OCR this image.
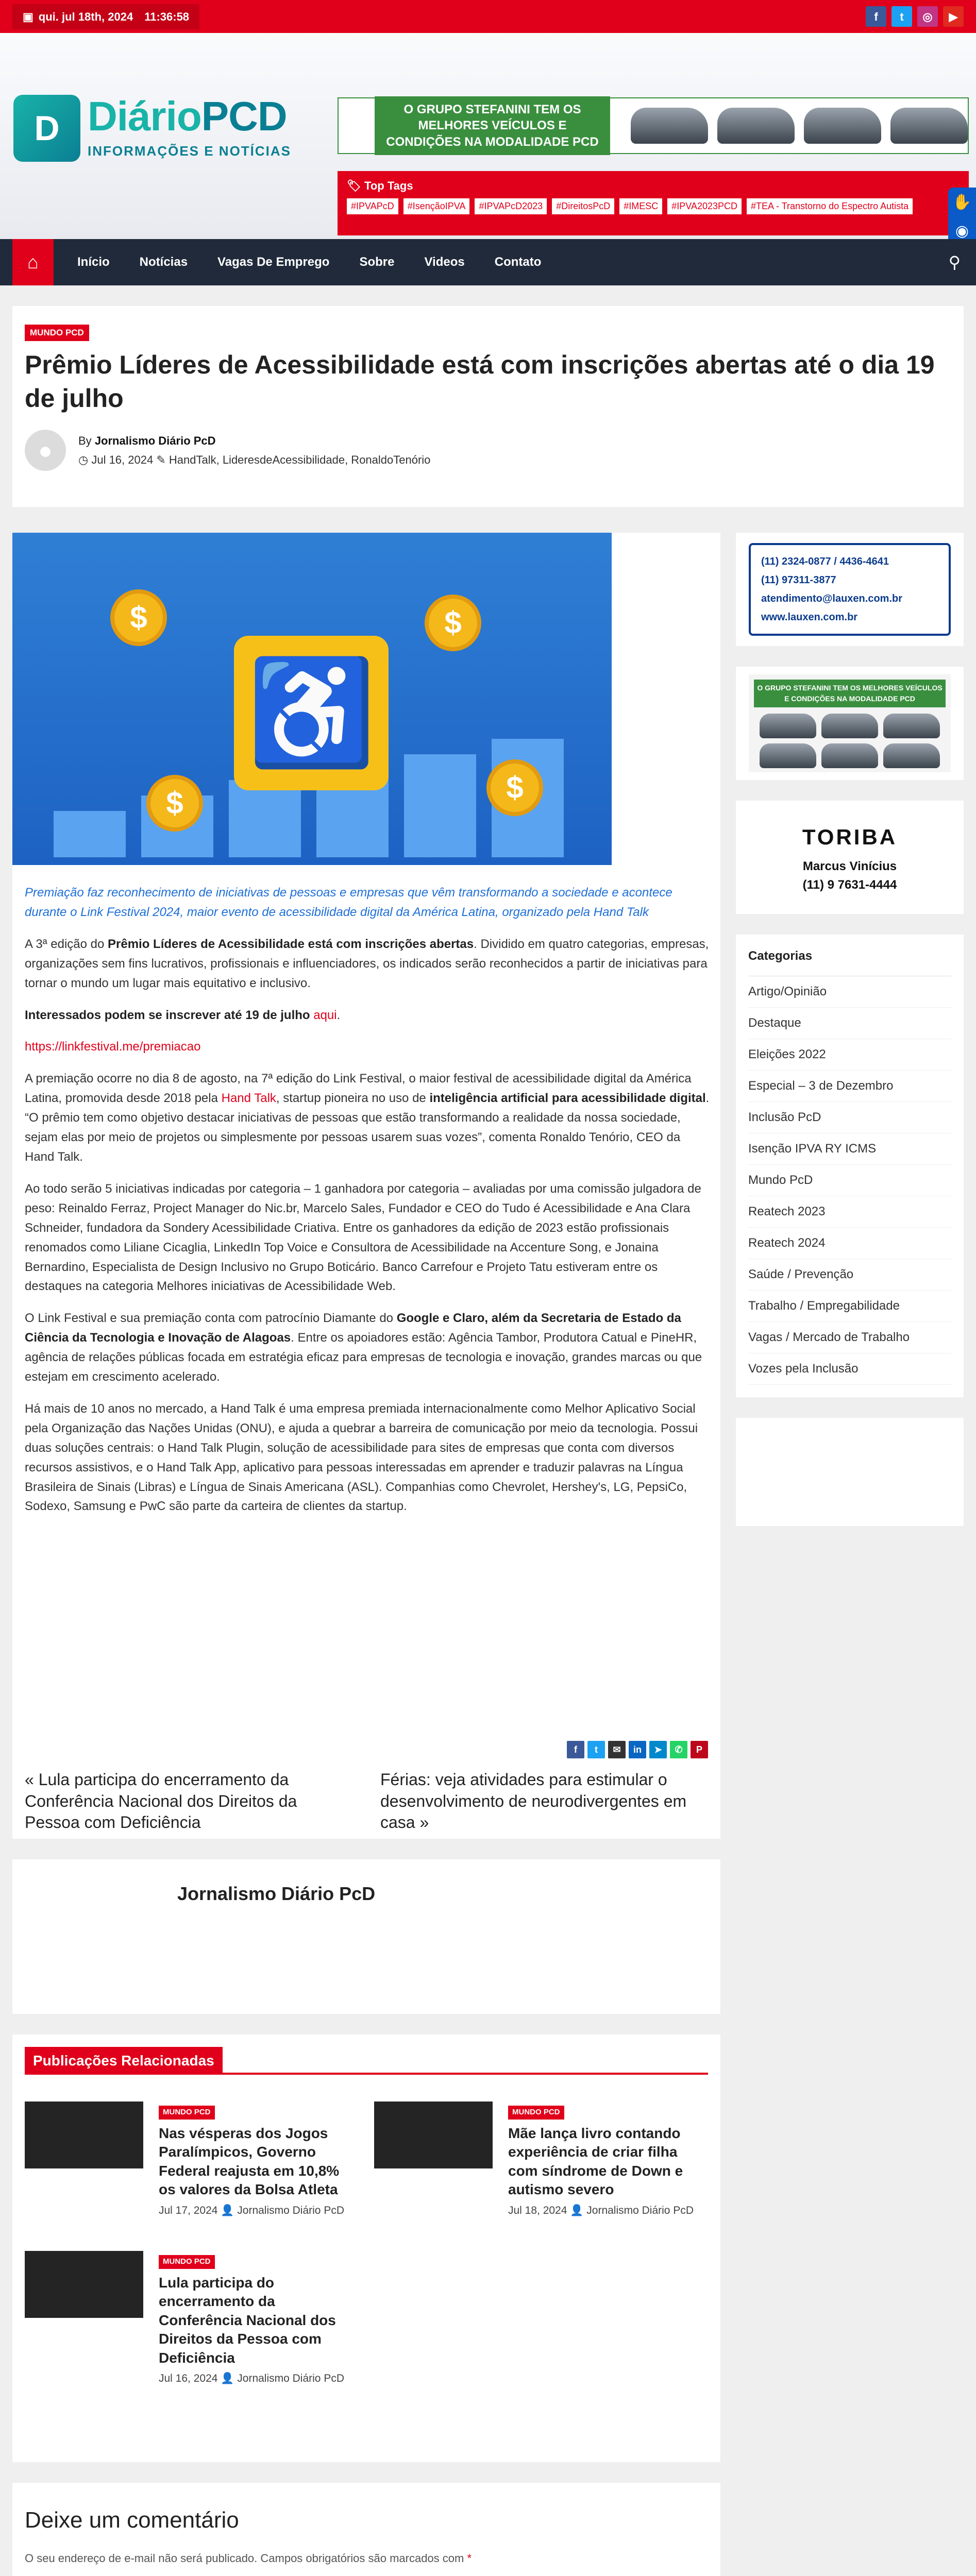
▣ qui. jul 18th, 2024 11:36:58	f	t	◎	▶
D DiárioPCD
INFORMAÇÕES E NOTÍCIAS
O GRUPO STEFANINI TEM OS MELHORES VEÍCULOS E CONDIÇÕES NA MODALIDADE PCD
🏷 Top Tags
#IPVAPcD	#IsençãoIPVA	#IPVAPcD2023	#DireitosPcD	#IMESC	#IPVA2023PCD	#TEA - Transtorno do Espectro Autista	✋
◉
⌂	Início Notícias Vagas De Emprego Sobre Videos Contato	⚲
MUNDO PCD
Prêmio Líderes de Acessibilidade está com inscrições abertas até o dia 19 de julho
●	By Jornalismo Diário PcD
◷ Jul 16, 2024 ✎ HandTalk, LideresdeAcessibilidade, RonaldoTenório
$	$
$
$
♿

Premiação faz reconhecimento de iniciativas de pessoas e empresas que vêm transformando a sociedade e acontece durante o Link Festival 2024, maior evento de acessibilidade digital da América Latina, organizado pela Hand Talk

A 3ª edição do Prêmio Líderes de Acessibilidade está com inscrições abertas. Dividido em quatro categorias, empresas, organizações sem fins lucrativos, profissionais e influenciadores, os indicados serão reconhecidos a partir de iniciativas para tornar o mundo um lugar mais equitativo e inclusivo.

Interessados podem se inscrever até 19 de julho aqui.

https://linkfestival.me/premiacao

A premiação ocorre no dia 8 de agosto, na 7ª edição do Link Festival, o maior festival de acessibilidade digital da América Latina, promovida desde 2018 pela Hand Talk, startup pioneira no uso de inteligência artificial para acessibilidade digital. “O prêmio tem como objetivo destacar iniciativas de pessoas que estão transformando a realidade da nossa sociedade, sejam elas por meio de projetos ou simplesmente por pessoas usarem suas vozes”, comenta Ronaldo Tenório, CEO da Hand Talk.

Ao todo serão 5 iniciativas indicadas por categoria – 1 ganhadora por categoria – avaliadas por uma comissão julgadora de peso: Reinaldo Ferraz, Project Manager do Nic.br, Marcelo Sales, Fundador e CEO do Tudo é Acessibilidade e Ana Clara Schneider, fundadora da Sondery Acessibilidade Criativa. Entre os ganhadores da edição de 2023 estão profissionais renomados como Liliane Cicaglia, LinkedIn Top Voice e Consultora de Acessibilidade na Accenture Song, e Jonaina Bernardino, Especialista de Design Inclusivo no Grupo Boticário. Banco Carrefour e Projeto Tatu estiveram entre os destaques na categoria Melhores iniciativas de Acessibilidade Web.

O Link Festival e sua premiação conta com patrocínio Diamante do Google e Claro, além da Secretaria de Estado da Ciência da Tecnologia e Inovação de Alagoas. Entre os apoiadores estão: Agência Tambor, Produtora Catual e PineHR, agência de relações públicas focada em estratégia eficaz para empresas de tecnologia e inovação, grandes marcas ou que estejam em crescimento acelerado.

Há mais de 10 anos no mercado, a Hand Talk é uma empresa premiada internacionalmente como Melhor Aplicativo Social pela Organização das Nações Unidas (ONU), e ajuda a quebrar a barreira de comunicação por meio da tecnologia. Possui duas soluções centrais: o Hand Talk Plugin, solução de acessibilidade para sites de empresas que conta com diversos recursos assistivos, e o Hand Talk App, aplicativo para pessoas interessadas em aprender e traduzir palavras na Língua Brasileira de Sinais (Libras) e Língua de Sinais Americana (ASL). Companhias como Chevrolet, Hershey's, LG, PepsiCo, Sodexo, Samsung e PwC são parte da carteira de clientes da startup.

f	t	✉	in	➤	✆	P
« Lula participa do encerramento da Conferência Nacional dos Direitos da Pessoa com Deficiência
Férias: veja atividades para estimular o desenvolvimento de neurodivergentes em casa »
Jornalismo Diário PcD
Publicações Relacionadas
MUNDO PCD
Nas vésperas dos Jogos Paralímpicos, Governo Federal reajusta em 10,8% os valores da Bolsa Atleta
Jul 17, 2024 👤 Jornalismo Diário PcD
MUNDO PCD
Mãe lança livro contando experiência de criar filha com síndrome de Down e autismo severo
Jul 18, 2024 👤 Jornalismo Diário PcD
MUNDO PCD
Lula participa do encerramento da Conferência Nacional dos Direitos da Pessoa com Deficiência
Jul 16, 2024 👤 Jornalismo Diário PcD
Deixe um comentário
O seu endereço de e-mail não será publicado. Campos obrigatórios são marcados com *
(11) 2324-0877 / 4436-4641
(11) 97311-3877
atendimento@lauxen.com.br
www.lauxen.com.br
O GRUPO STEFANINI TEM OS MELHORES VEÍCULOS E CONDIÇÕES NA MODALIDADE PCD
TORIBA
Marcus Vinícius
(11) 9 7631-4444
Categorias
Artigo/Opinião
Destaque
Eleições 2022
Especial – 3 de Dezembro
Inclusão PcD
Isenção IPVA RY ICMS
Mundo PcD
Reatech 2023
Reatech 2024
Saúde / Prevenção
Trabalho / Empregabilidade
Vagas / Mercado de Trabalho
Vozes pela Inclusão
